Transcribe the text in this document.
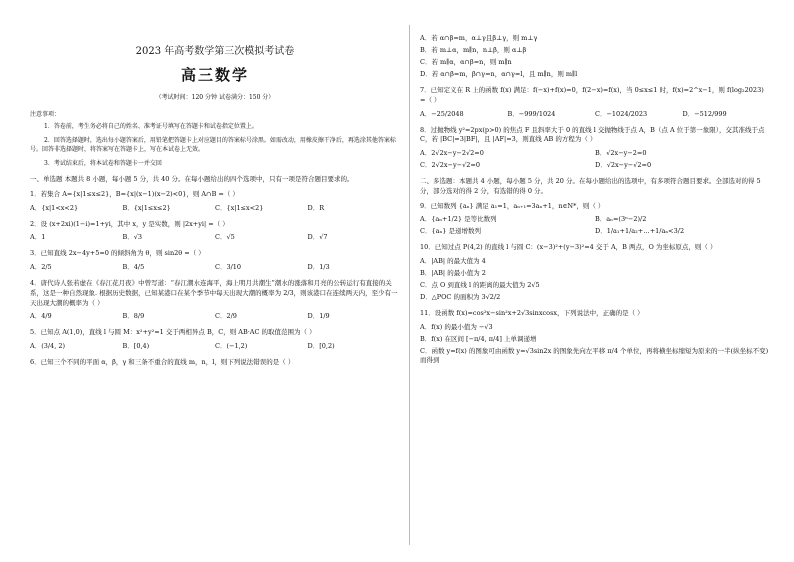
2023 年高考数学第三次模拟考试卷
高三数学
（考试时间：120 分钟 试卷满分：150 分）
注意事项：
1．答卷前，考生务必将自己的姓名、准考证号填写在答题卡和试卷指定位置上。
2．回答选择题时，选出每小题答案后，用铅笔把答题卡上对应题目的答案标号涂黑。如需改动，用橡皮擦干净后，再选涂其他答案标号。回答非选择题时，将答案写在答题卡上，写在本试卷上无效。
3．考试结束后，将本试卷和答题卡一并交回
一、单选题 本题共 8 小题，每小题 5 分，共 40 分。在每小题给出的四个选项中，只有一项是符合题目要求的。
1．若集合 A={x|1≤x≤2}，B={x|(x−1)(x−2)<0}，则 A∩B =（ ）
A．{x|1<x<2}	B．{x|1≤x≤2}	C．{x|1≤x<2}	D．R
2．设 (x+2xi)(1−i)=1+yi，其中 x，y 是实数，则 |2x+yi| =（ ）
A．1	B．√3	C．√5	D．√7
3．已知直线 2x−4y+5=0 的倾斜角为 θ，则 sin2θ =（ ）
A．2/5	B．4/5	C．3/10	D．1/3
4．唐代诗人张若虚在《春江花月夜》中曾写道：“春江潮水连海平，海上明月共潮生”潮水的涨落和月亮的公转运行有直接的关系，这是一种自然现象. 根据历史数据，已知某港口在某个季节中每天出现大潮的概率为 2/3，则该港口在连续两天内，至少有一天出现大潮的概率为（ ）
A．4/9	B．8/9	C．2/9	D．1/9
5．已知点 A(1,0)，直线 l 与圆 M：x²+y²=1 交于两相异点 B，C，则 AB·AC 的取值范围为（ ）
A．(3/4, 2)	B．[0,4)	C．(−1,2)	D．[0,2)
6．已知三个不同的平面 α，β，γ 和三条不重合的直线 m，n，l，则下列说法错误的是（ ）
A．若 α∩β=m，α⊥γ且β⊥γ，则 m⊥γ
B．若 m⊥α，m∥n，n⊥β，则 α⊥β
C．若 m∥α，α∩β=n，则 m∥n
D．若 α∩β=m，β∩γ=n，α∩γ=l，且 m∥n，则 m∥l
7．已知定义在 R 上的函数 f(x) 满足：f(−x)+f(x)=0，f(2−x)=f(x)，当 0≤x≤1 时，f(x)=2^x−1，则 f(log₂2023) =（ ）
A．−25/2048	B．−999/1024	C．−1024/2023	D．−512/999
8．过抛物线 y²=2px(p>0) 的焦点 F 且斜率大于 0 的直线 l 交抛物线于点 A，B（点 A 位于第一象限），交其准线于点 C，若 |BC|=3|BF|，且 |AF|=3，则直线 AB 的方程为（ ）
A．2√2x−y−2√2=0	B．√2x−y−2=0
C．2√2x−y−√2=0	D．√2x−y−√2=0
二、多选题：本题共 4 小题，每小题 5 分，共 20 分。在每小题给出的选项中，有多项符合题目要求。全部选对的得 5 分，部分选对的得 2 分，有选错的得 0 分。
9．已知数列 {aₙ} 满足 a₁=1，aₙ₊₁=3aₙ+1，n∈N*，则（ ）
A．{aₙ+1/2} 是等比数列	B．aₙ=(3ⁿ−2)/2
C．{aₙ} 是递增数列	D．1/a₁+1/a₂+…+1/aₙ<3/2
10．已知过点 P(4,2) 的直线 l 与圆 C：(x−3)²+(y−3)²=4 交于 A，B 两点，O 为坐标原点，则（ ）
A．|AB| 的最大值为 4
B．|AB| 的最小值为 2
C．点 O 到直线 l 的距离的最大值为 2√5
D．△POC 的面积为 3√2/2
11．设函数 f(x)=cos²x−sin²x+2√3sinxcosx，下列说法中，正确的是（ ）
A．f(x) 的最小值为 −√3
B．f(x) 在区间 [−π/4, π/4] 上单调递增
C．函数 y=f(x) 的图象可由函数 y=√3sin2x 的图象先向左平移 π/4 个单位，再将横坐标缩短为原来的一半(纵坐标不变)而得到
